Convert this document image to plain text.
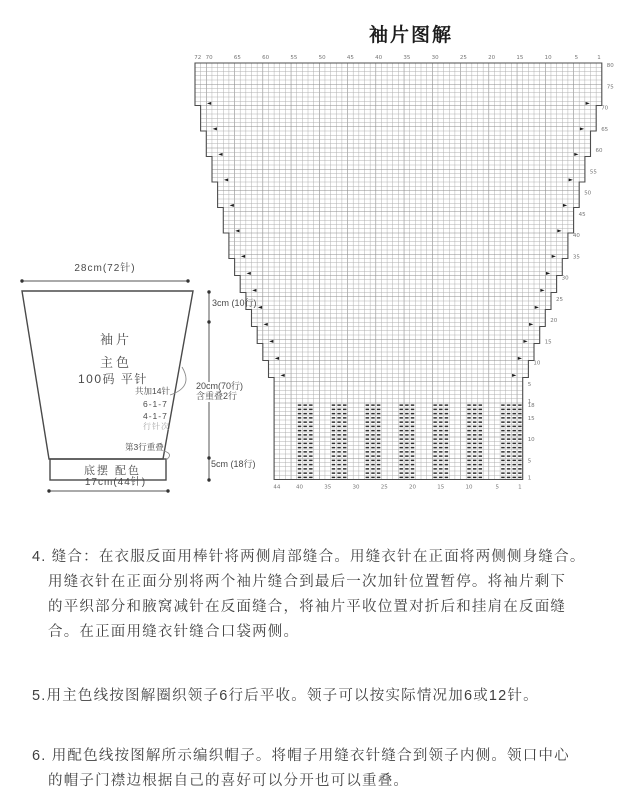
袖片图解
72 70	65	60	55	50	45	40	35	30	25	20	15	10	5	1
80
75
70
65
60
55
50
45
40
35
30
25
20
15
10
5
1
18
15
10
5
1
44	40	35	30	25	20	15	10	5	1
28cm(72针)
袖片
主色
100码 平针
共加14针
6-1-7
4-1-7
行针次
第3行重叠
底摆 配色
17cm(44针)
3cm (10行)
20cm(70行)
含重叠2行
5cm (18行)
4. 缝合：在衣服反面用棒针将两侧肩部缝合。用缝衣针在正面将两侧侧身缝合。
用缝衣针在正面分别将两个袖片缝合到最后一次加针位置暂停。将袖片剩下
的平织部分和腋窝减针在反面缝合，将袖片平收位置对折后和挂肩在反面缝
合。在正面用缝衣针缝合口袋两侧。
5.用主色线按图解圈织领子6行后平收。领子可以按实际情况加6或12针。
6. 用配色线按图解所示编织帽子。将帽子用缝衣针缝合到领子内侧。领口中心
的帽子门襟边根据自己的喜好可以分开也可以重叠。
